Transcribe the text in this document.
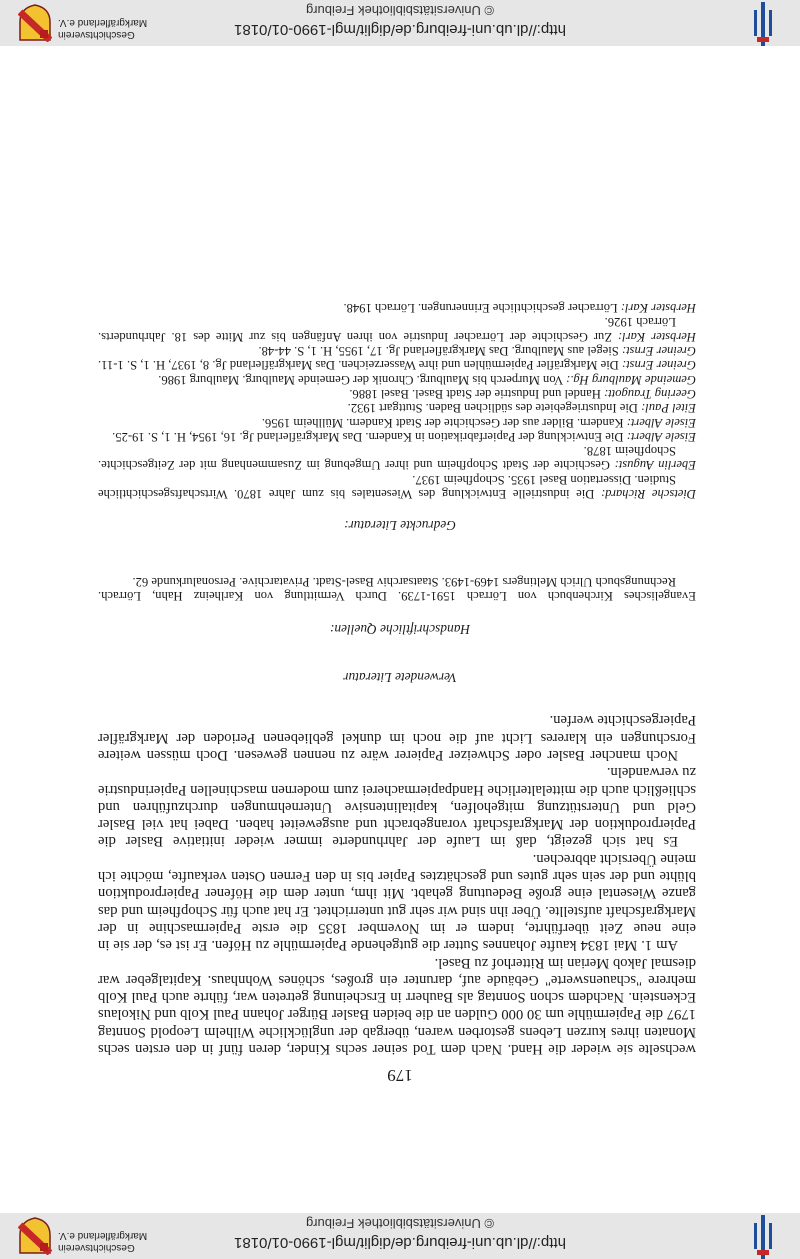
http://dl.ub.uni-freiburg.de/diglit/mgl-1990-01/0181
© Universitätsbibliothek Freiburg
Geschichtsverein
Markgräflerland e.V.
179

wechselte sie wieder die Hand. Nach dem Tod seiner sechs Kinder, deren fünf in den ersten sechs Monaten ihres kurzen Lebens gestorben waren, übergab der unglückliche Wilhelm Leopold Sonntag 1797 die Papiermühle um 30 000 Gulden an die beiden Basler Bürger Johann Paul Kolb und Nikolaus Eckenstein. Nachdem schon Sonntag als Bauherr in Erscheinung getreten war, führte auch Paul Kolb mehrere "schauenswerte" Gebäude auf, darunter ein großes, schönes Wohnhaus. Kapitalgeber war diesmal Jakob Merian im Ritterhof zu Basel.

Am 1. Mai 1834 kaufte Johannes Sutter die gutgehende Papiermühle zu Höfen. Er ist es, der sie in eine neue Zeit überführte, indem er im November 1835 die erste Papiermaschine in der Markgrafschaft aufstellte. Über ihn sind wir sehr gut unterrichtet. Er hat auch für Schopfheim und das ganze Wiesental eine große Bedeutung gehabt. Mit ihm, unter dem die Höfener Papierproduktion blühte und der sein sehr gutes und geschätztes Papier bis in den Fernen Osten verkaufte, möchte ich meine Übersicht abbrechen.

Es hat sich gezeigt, daß im Laufe der Jahrhunderte immer wieder initiative Basler die Papierproduktion der Markgrafschaft vorangebracht und ausgeweitet haben. Dabei hat viel Basler Geld und Unterstützung mitgeholfen, kapitalintensive Unternehmungen durchzuführen und schließlich auch die mittelalterliche Handpapiermacherei zum modernen maschinellen Papierindustrie zu verwandeln.

Noch mancher Basler oder Schweizer Papierer wäre zu nennen gewesen. Doch müssen weitere Forschungen ein klareres Licht auf die noch im dunkel gebliebenen Perioden der Markgräfler Papiergeschichte werfen.

Verwendete Literatur
Handschriftliche Quellen:

Evangelisches Kirchenbuch von Lörrach 1591-1739. Durch Vermittlung von Karlheinz Hahn, Lörrach. Rechnungsbuch Ulrich Meltingers 1469-1493. Staatsarchiv Basel-Stadt. Privatarchive. Personalurkunde 62.

Gedruckte Literatur:

Dietsche Richard: Die industrielle Entwicklung des Wiesentales bis zum Jahre 1870. Wirtschaftsgeschichtliche Studien. Dissertation Basel 1935. Schopfheim 1937.

Eberlin August: Geschichte der Stadt Schopfheim und ihrer Umgebung im Zusammenhang mit der Zeitgeschichte. Schopfheim 1878.

Eisele Albert: Die Entwicklung der Papierfabrikation in Kandern. Das Markgräflerland Jg. 16, 1954, H. 1, S. 19-25.

Eisele Albert: Kandern. Bilder aus der Geschichte der Stadt Kandern. Müllheim 1956.

Eitel Paul: Die Industriegebiete des südlichen Baden. Stuttgart 1932.

Geering Traugott: Handel und Industrie der Stadt Basel. Basel 1886.

Gemeinde Maulburg Hg.: Von Murperch bis Maulburg. Chronik der Gemeinde Maulburg. Maulburg 1986.

Greiner Ernst: Die Markgräfler Papiermühlen und ihre Wasserzeichen. Das Markgräflerland Jg. 8, 1937, H. 1, S. 1-11.

Greiner Ernst: Siegel aus Maulburg. Das Markgräflerland Jg. 17, 1955, H. 1, S. 44-48.

Herbster Karl: Zur Geschichte der Lörracher Industrie von ihren Anfängen bis zur Mitte des 18. Jahrhunderts. Lörrach 1926.

Herbster Karl: Lörracher geschichtliche Erinnerungen. Lörrach 1948.

http://dl.ub.uni-freiburg.de/diglit/mgl-1990-01/0181
© Universitätsbibliothek Freiburg
Geschichtsverein
Markgräflerland e.V.
